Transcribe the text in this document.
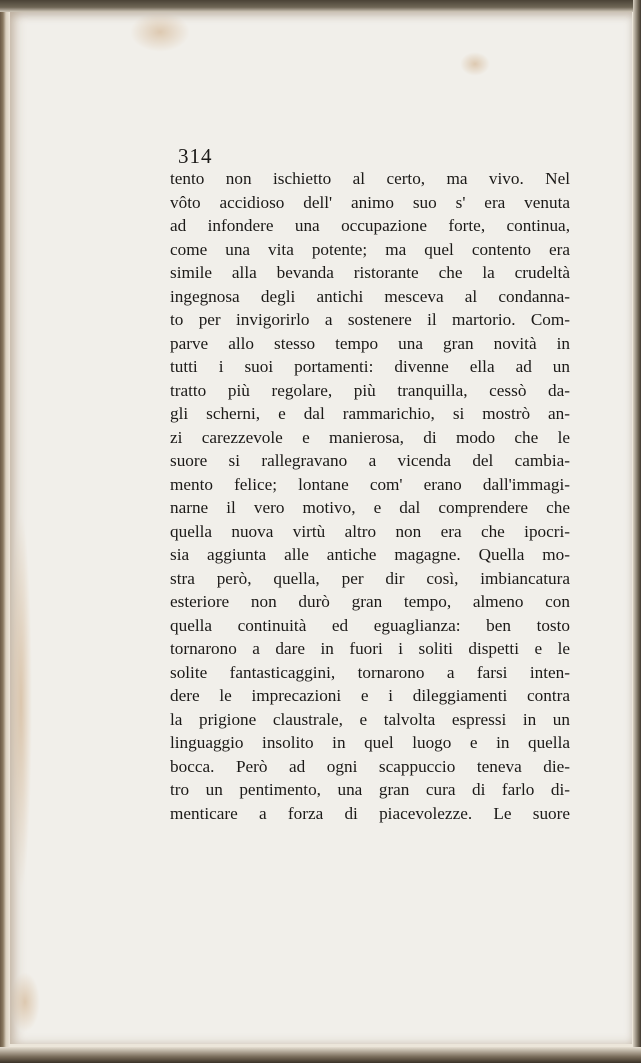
314
tento non ischietto al certo, ma vivo. Nel
vôto accidioso dell' animo suo s' era venuta
ad infondere una occupazione forte, continua,
come una vita potente; ma quel contento era
simile alla bevanda ristorante che la crudeltà
ingegnosa degli antichi mesceva al condanna-
to per invigorirlo a sostenere il martorio. Com-
parve allo stesso tempo una gran novità in
tutti i suoi portamenti: divenne ella ad un
tratto più regolare, più tranquilla, cessò da-
gli scherni, e dal rammarichio, si mostrò an-
zi carezzevole e manierosa, di modo che le
suore si rallegravano a vicenda del cambia-
mento felice; lontane com' erano dall'immagi-
narne il vero motivo, e dal comprendere che
quella nuova virtù altro non era che ipocri-
sia aggiunta alle antiche magagne. Quella mo-
stra però, quella, per dir così, imbiancatura
esteriore non durò gran tempo, almeno con
quella continuità ed eguaglianza: ben tosto
tornarono a dare in fuori i soliti dispetti e le
solite fantasticaggini, tornarono a farsi inten-
dere le imprecazioni e i dileggiamenti contra
la prigione claustrale, e talvolta espressi in un
linguaggio insolito in quel luogo e in quella
bocca. Però ad ogni scappuccio teneva die-
tro un pentimento, una gran cura di farlo di-
menticare a forza di piacevolezze. Le suore
